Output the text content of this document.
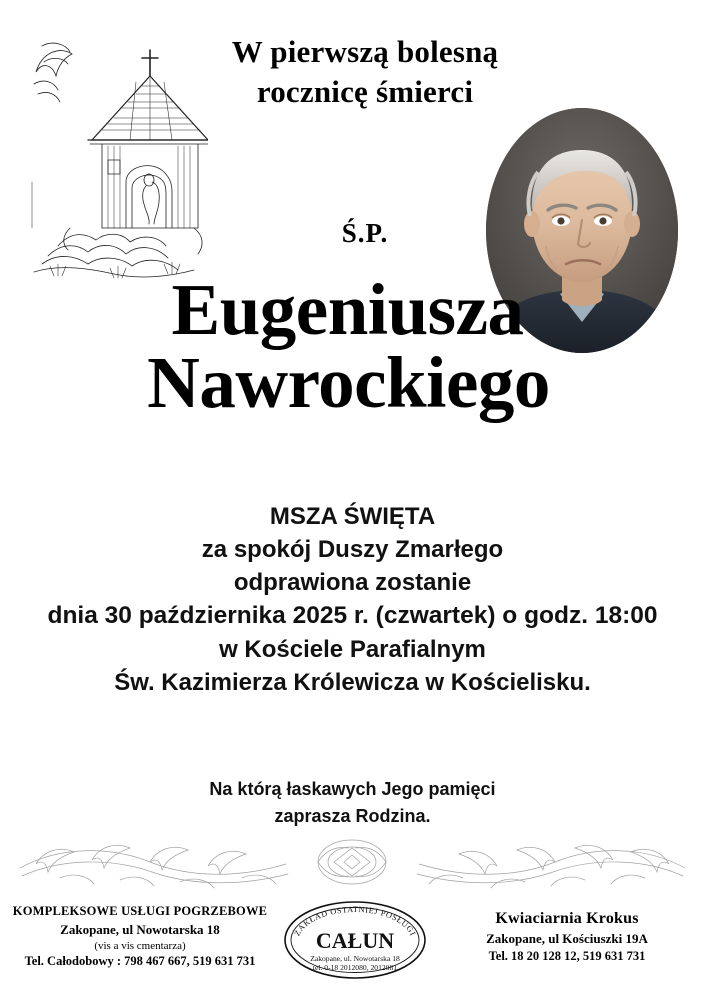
W pierwszą bolesną
rocznicę śmierci
Ś.P.
Eugeniusza
Nawrockiego
MSZA ŚWIĘTA
za spokój Duszy Zmarłego
odprawiona zostanie
dnia 30 października 2025 r. (czwartek) o godz. 18:00
w Kościele Parafialnym
Św. Kazimierza Królewicza w Kościelisku.
Na którą łaskawych Jego pamięci
zaprasza Rodzina.
KOMPLEKSOWE USŁUGI POGRZEBOWE
Zakopane, ul Nowotarska 18
(vis a vis cmentarza)
Tel. Całodobowy : 798 467 667, 519 631 731
ZAKŁAD OSTATNIEJ POSŁUGI
CAŁUN
Zakopane, ul. Nowotarska 18
tel. 0-18 2012080, 2012081
Kwiaciarnia Krokus
Zakopane, ul Kościuszki 19A
Tel. 18 20 128 12, 519 631 731
